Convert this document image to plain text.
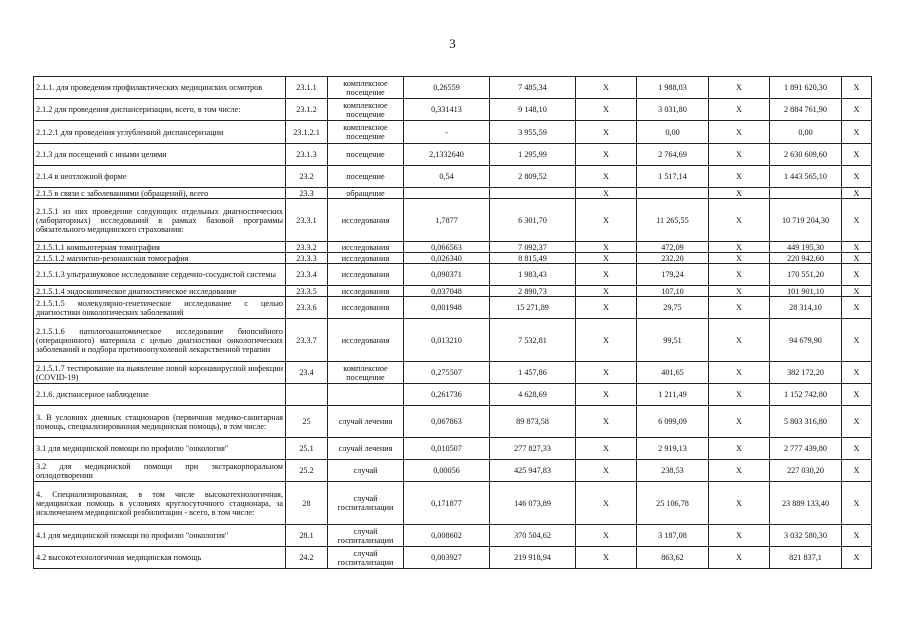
3
2.1.1. для проведения профилактических медицинских осмотров	23.1.1	комплексное посещение	0,26559	7 485,34	X	1 988,03	X	1 891 620,30	X
2.1.2 для проведения диспансеризации, всего, в том числе:	23.1.2	комплексное посещение	0,331413	9 148,10	X	3 031,80	X	2 884 761,90	X
2.1.2.1 для проведения углубленной диспансеризации	23.1.2.1	комплексное посещение	-	3 955,59	X	0,00	X	0,00	X
2.1.3 для посещений с иными целями	23.1.3	посещение	2,1332640	1 295,99	X	2 764,69	X	2 630 609,60	X
2.1.4 в неотложной форме	23.2	посещение	0,54	2 809,52	X	1 517,14	X	1 443 565,10	X
2.1.5 в связи с заболеваниями (обращений), всего	23.3	обращение			X		X		X
2.1.5.1 из них проведение следующих отдельных диагностических (лабораторных) исследований в рамках базовой программы обязательного медицинского страхования:	23.3.1	исследования	1,7877	6 301,70	X	11 265,55	X	10 719 204,30	X
2.1.5.1.1 компьютерная томография	23.3.2	исследования	0,066563	7 092,37	X	472,09	X	449 195,30	X
2.1.5.1.2 магнитно-резонансная томография	23.3.3	исследования	0,026340	8 815,49	X	232,20	X	220 942,60	X
2.1.5.1.3 ультразвуковое исследование сердечно-сосудистой системы	23.3.4	исследования	0,090371	1 983,43	X	179,24	X	170 551,20	X
2.1.5.1.4 эндоскопическое диагностическое исследование	23.3.5	исследования	0,037048	2 890,73	X	107,10	X	101 901,10	X
2.1.5.1.5 молекулярно-генетическое исследование с целью диагностики онкологических заболеваний	23.3.6	исследования	0,001948	15 271,89	X	29,75	X	28 314,10	X
2.1.5.1.6 патологоанатомическое исследование биопсийного (операционного) материала с целью диагностики онкологических заболеваний и подбора противоопухолевой лекарственной терапии	23.3.7	исследования	0,013210	7 532,81	X	99,51	X	94 679,90	X
2.1.5.1.7 тестирование на выявление новой коронавирусной инфекции (COVID-19)	23.4	комплексное посещение	0,275507	1 457,86	X	401,65	X	382 172,20	X
2.1.6. диспансерное наблюдение			0,261736	4 628,69	X	1 211,49	X	1 152 742,80	X
3. В условиях дневных стационаров (первичная медико-санитарная помощь, специализированная медицинская помощь), в том числе:	25	случай лечения	0,067863	89 873,58	X	6 099,09	X	5 803 316,80	X
3.1 для медицинской помощи по профилю "онкология"	25.1	случай лечения	0,010507	277 827,33	X	2 919,13	X	2 777 439,80	X
3.2 для медицинской помощи при экстракорпоральном оплодотворении	25.2	случай	0,00056	425 947,83	X	238,53	X	227 030,20	X
4. Специализированная, в том числе высокотехнологичная, медицинская помощь в условиях круглосуточного стационара, за исключением медицинской реабилитации - всего, в том числе:	28	случай госпитализации	0,171877	146 073,89	X	25 106,78	X	23 889 133,40	X
4.1 для медицинской помощи по профилю "онкология"	28.1	случай госпитализации	0,008602	370 504,62	X	3 187,08	X	3 032 580,30	X
4.2 высокотехнологичная медицинская помощь	24.2	случай госпитализации	0,003927	219 918,94	X	863,62	X	821 837,1	X
